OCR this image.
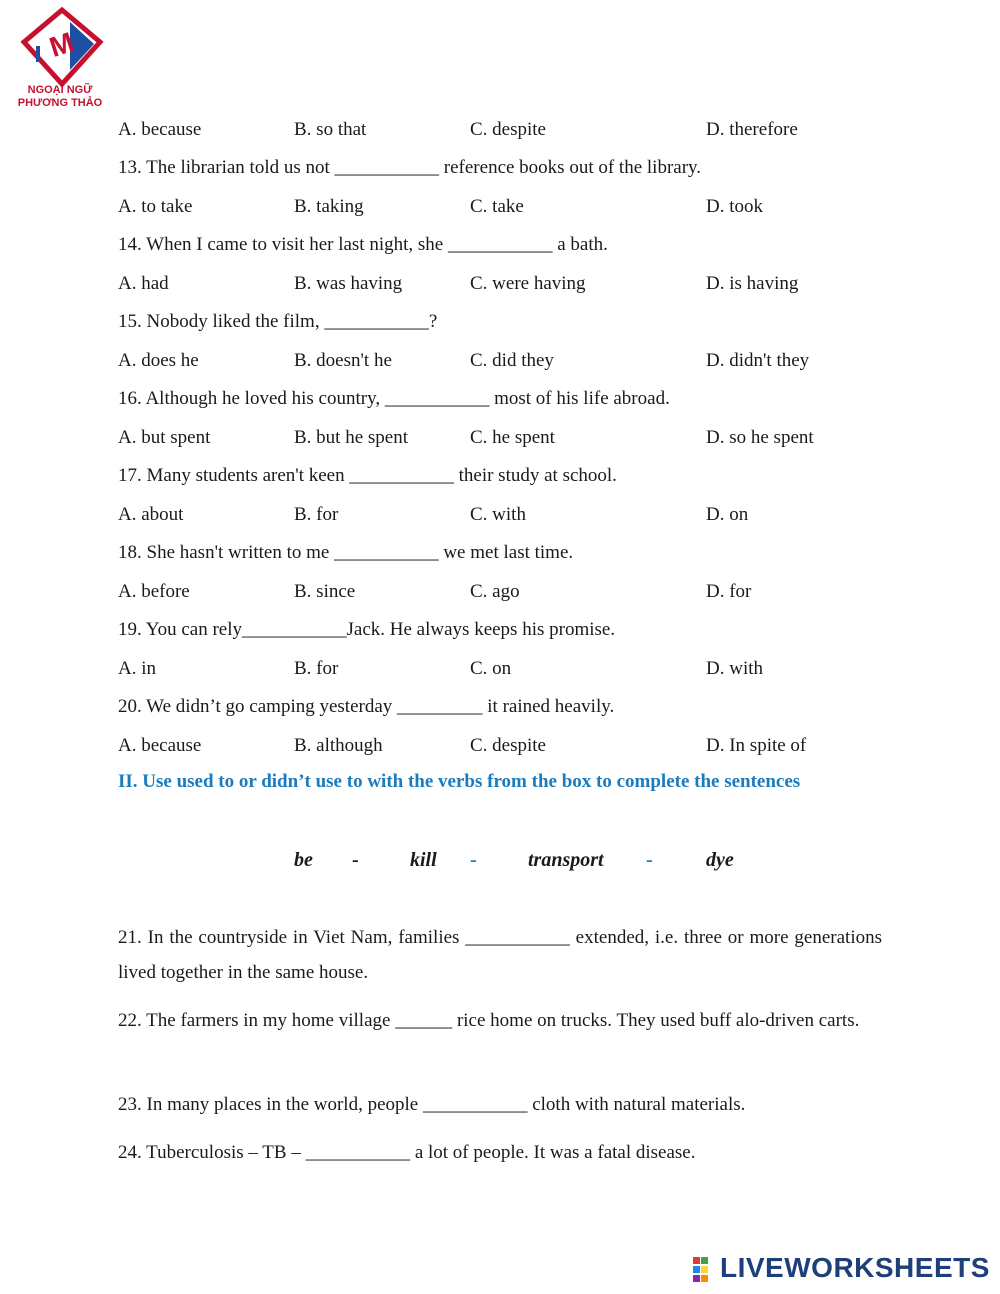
M
NGOẠI NGỮ
PHƯƠNG THẢO
A. because	B. so that	C. despite	D. therefore
13. The librarian told us not ___________ reference books out of the library.
A. to take	B. taking	C. take	D. took
14. When I came to visit her last night, she ___________ a bath.
A. had	B. was having	C. were having	D. is having
15. Nobody liked the film, ___________?
A. does he	B. doesn't he	C. did they	D. didn't they
16. Although he loved his country, ___________ most of his life abroad.
A. but spent	B. but he spent	C. he spent	D. so he spent
17. Many students aren't keen ___________ their study at school.
A. about	B. for	C. with	D. on
18. She hasn't written to me ___________ we met last time.
A. before	B. since	C. ago	D. for
19. You can rely___________Jack. He always keeps his promise.
A. in	B. for	C. on	D. with
20. We didn’t go camping yesterday _________ it rained heavily.
A. because	B. although	C. despite	D. In spite of
II. Use used to or didn’t use to with the verbs from the box to complete the sentences
be -	kill -	transport -	dye
21. In the countryside in Viet Nam, families ___________ extended, i.e. three or more generations lived together in the same house.
22. The farmers in my home village ______ rice home on trucks. They used buff alo-driven carts.
23. In many places in the world, people ___________ cloth with natural materials.
24. Tuberculosis – TB – ___________ a lot of people. It was a fatal disease.
LIVEWORKSHEETS
